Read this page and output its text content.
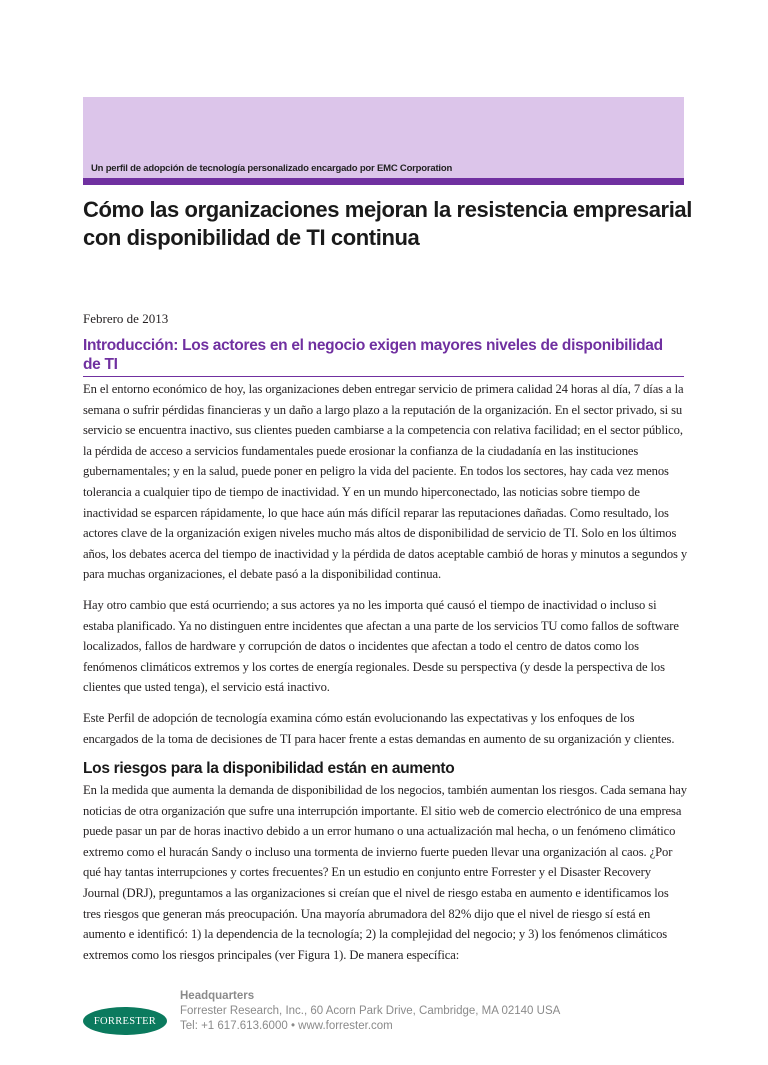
Un perfil de adopción de tecnología personalizado encargado por EMC Corporation
Cómo las organizaciones mejoran la resistencia empresarial con disponibilidad de TI continua
Febrero de 2013
Introducción: Los actores en el negocio exigen mayores niveles de disponibilidad de TI

En el entorno económico de hoy, las organizaciones deben entregar servicio de primera calidad 24 horas al día, 7 días a la semana o sufrir pérdidas financieras y un daño a largo plazo a la reputación de la organización. En el sector privado, si su servicio se encuentra inactivo, sus clientes pueden cambiarse a la competencia con relativa facilidad; en el sector público, la pérdida de acceso a servicios fundamentales puede erosionar la confianza de la ciudadanía en las instituciones gubernamentales; y en la salud, puede poner en peligro la vida del paciente. En todos los sectores, hay cada vez menos tolerancia a cualquier tipo de tiempo de inactividad. Y en un mundo hiperconectado, las noticias sobre tiempo de inactividad se esparcen rápidamente, lo que hace aún más difícil reparar las reputaciones dañadas. Como resultado, los actores clave de la organización exigen niveles mucho más altos de disponibilidad de servicio de TI. Solo en los últimos años, los debates acerca del tiempo de inactividad y la pérdida de datos aceptable cambió de horas y minutos a segundos y para muchas organizaciones, el debate pasó a la disponibilidad continua.

Hay otro cambio que está ocurriendo; a sus actores ya no les importa qué causó el tiempo de inactividad o incluso si estaba planificado. Ya no distinguen entre incidentes que afectan a una parte de los servicios TU como fallos de software localizados, fallos de hardware y corrupción de datos o incidentes que afectan a todo el centro de datos como los fenómenos climáticos extremos y los cortes de energía regionales. Desde su perspectiva (y desde la perspectiva de los clientes que usted tenga), el servicio está inactivo.

Este Perfil de adopción de tecnología examina cómo están evolucionando las expectativas y los enfoques de los encargados de la toma de decisiones de TI para hacer frente a estas demandas en aumento de su organización y clientes.

Los riesgos para la disponibilidad están en aumento

En la medida que aumenta la demanda de disponibilidad de los negocios, también aumentan los riesgos. Cada semana hay noticias de otra organización que sufre una interrupción importante. El sitio web de comercio electrónico de una empresa puede pasar un par de horas inactivo debido a un error humano o una actualización mal hecha, o un fenómeno climático extremo como el huracán Sandy o incluso una tormenta de invierno fuerte pueden llevar una organización al caos. ¿Por qué hay tantas interrupciones y cortes frecuentes? En un estudio en conjunto entre Forrester y el Disaster Recovery Journal (DRJ), preguntamos a las organizaciones si creían que el nivel de riesgo estaba en aumento e identificamos los tres riesgos que generan más preocupación. Una mayoría abrumadora del 82% dijo que el nivel de riesgo sí está en aumento e identificó: 1) la dependencia de la tecnología; 2) la complejidad del negocio; y 3) los fenómenos climáticos extremos como los riesgos principales (ver Figura 1). De manera específica:

FORRESTER
Headquarters
Forrester Research, Inc., 60 Acorn Park Drive, Cambridge, MA 02140 USA
Tel: +1 617.613.6000 • www.forrester.com
